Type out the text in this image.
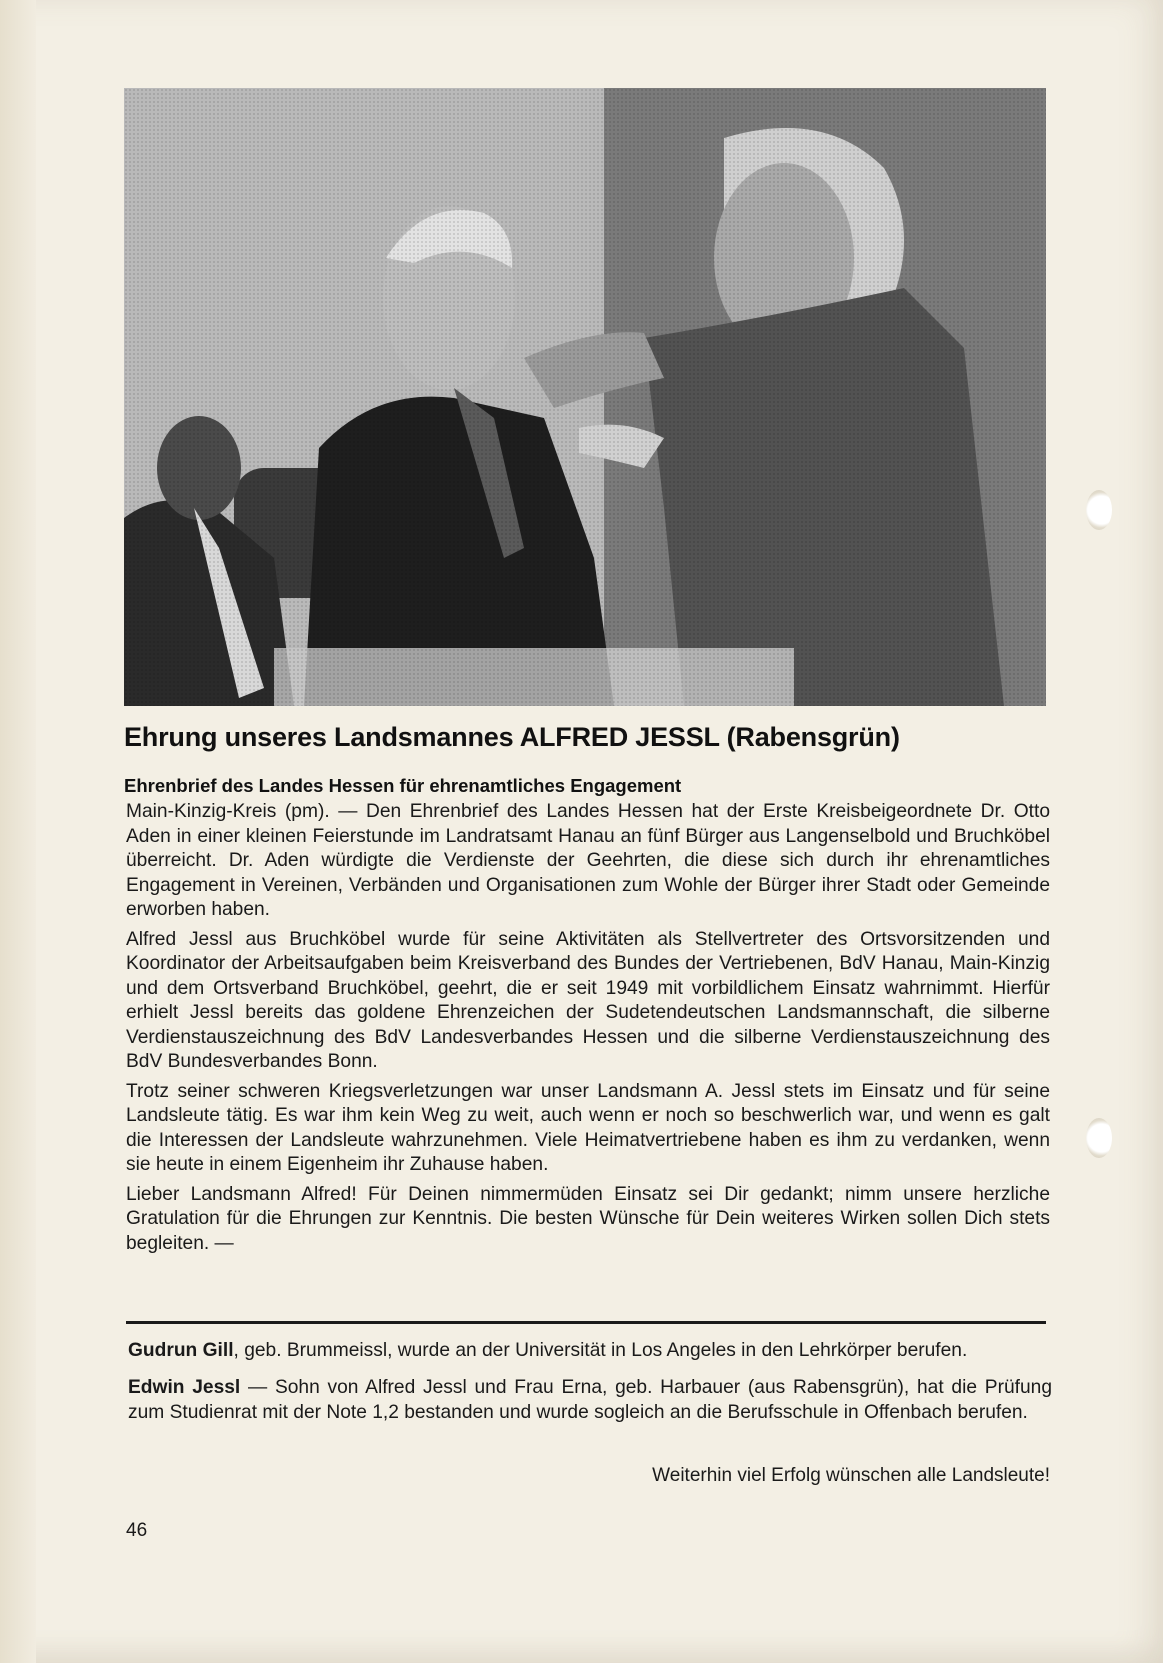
Ehrung unseres Landsmannes ALFRED JESSL (Rabensgrün)
Ehrenbrief des Landes Hessen für ehrenamtliches Engagement

Main-Kinzig-Kreis (pm). — Den Ehrenbrief des Landes Hessen hat der Erste Kreisbeigeordnete Dr. Otto Aden in einer kleinen Feierstunde im Landratsamt Hanau an fünf Bürger aus Langenselbold und Bruchköbel überreicht. Dr. Aden würdigte die Verdienste der Geehrten, die diese sich durch ihr ehrenamtliches Engagement in Vereinen, Verbänden und Organisationen zum Wohle der Bürger ihrer Stadt oder Gemeinde erworben haben.

Alfred Jessl aus Bruchköbel wurde für seine Aktivitäten als Stellvertreter des Ortsvorsitzenden und Koordinator der Arbeitsaufgaben beim Kreisverband des Bundes der Vertriebenen, BdV Hanau, Main-Kinzig und dem Ortsverband Bruchköbel, geehrt, die er seit 1949 mit vorbildlichem Einsatz wahrnimmt. Hierfür erhielt Jessl bereits das goldene Ehrenzeichen der Sudetendeutschen Landsmannschaft, die silberne Verdienstauszeichnung des BdV Landesverbandes Hessen und die silberne Verdienstauszeichnung des BdV Bundesverbandes Bonn.

Trotz seiner schweren Kriegsverletzungen war unser Landsmann A. Jessl stets im Einsatz und für seine Landsleute tätig. Es war ihm kein Weg zu weit, auch wenn er noch so beschwerlich war, und wenn es galt die Interessen der Landsleute wahrzunehmen. Viele Heimatvertriebene haben es ihm zu verdanken, wenn sie heute in einem Eigenheim ihr Zuhause haben.

Lieber Landsmann Alfred! Für Deinen nimmermüden Einsatz sei Dir gedankt; nimm unsere herzliche Gratulation für die Ehrungen zur Kenntnis. Die besten Wünsche für Dein weiteres Wirken sollen Dich stets begleiten. —

Gudrun Gill, geb. Brummeissl, wurde an der Universität in Los Angeles in den Lehrkörper berufen.

Edwin Jessl — Sohn von Alfred Jessl und Frau Erna, geb. Harbauer (aus Rabensgrün), hat die Prüfung zum Studienrat mit der Note 1,2 bestanden und wurde sogleich an die Berufsschule in Offenbach berufen.

Weiterhin viel Erfolg wünschen alle Landsleute!
46
